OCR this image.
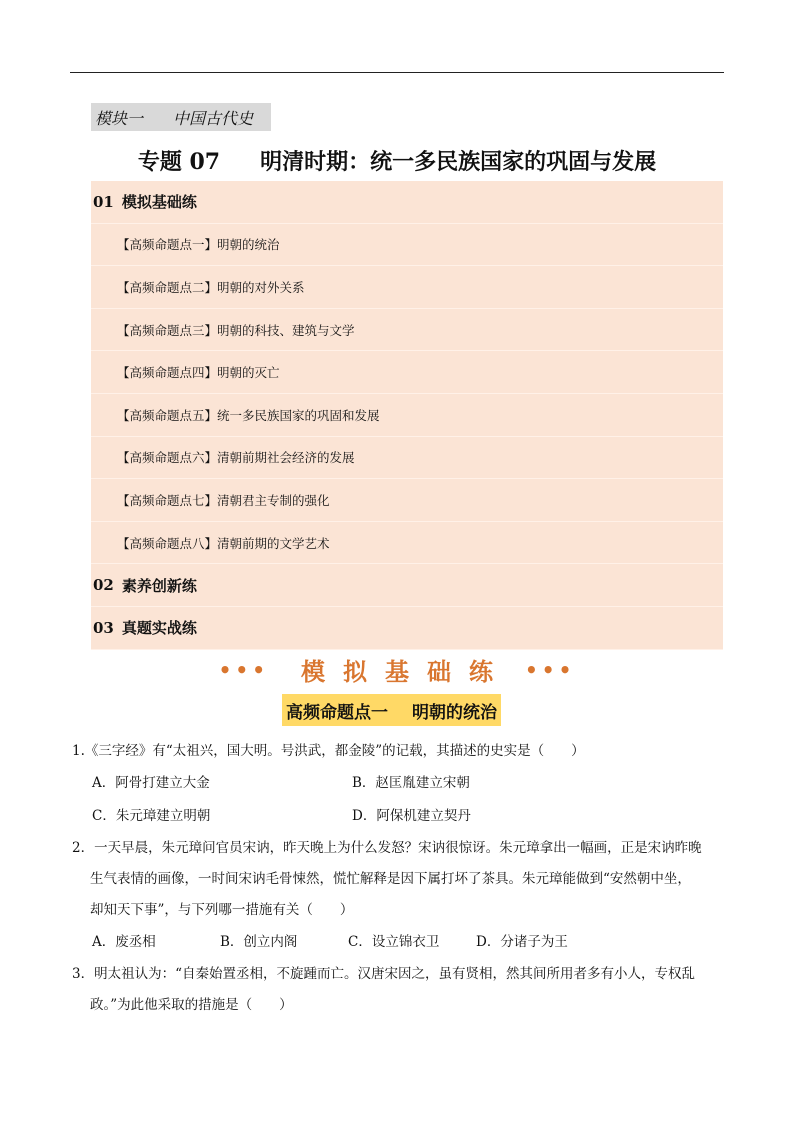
模块一 中国古代史
专题 07 明清时期：统一多民族国家的巩固与发展
01 模拟基础练
【高频命题点一】 明朝的统治
【高频命题点二】 明朝的对外关系
【高频命题点三】 明朝的科技、建筑与文学
【高频命题点四】 明朝的灭亡
【高频命题点五】 统一多民族国家的巩固和发展
【高频命题点六】 清朝前期社会经济的发展
【高频命题点七】 清朝君主专制的强化
【高频命题点八】 清朝前期的文学艺术
02 素养创新练
03 真题实战练
••• 模拟基础练 •••
高频命题点一 明朝的统治
1.《三字经》有“太祖兴，国大明。号洪武，都金陵”的记载，其描述的史实是（　　）
A．阿骨打建立大金	B．赵匡胤建立宋朝
C．朱元璋建立明朝	D．阿保机建立契丹
2．一天早晨，朱元璋问官员宋讷，昨天晚上为什么发怒？宋讷很惊讶。朱元璋拿出一幅画，正是宋讷昨晚
生气表情的画像，一时间宋讷毛骨悚然，慌忙解释是因下属打坏了茶具。朱元璋能做到“安然朝中坐，
却知天下事”，与下列哪一措施有关（　　）
A．废丞相	B．创立内阁	C．设立锦衣卫	D．分诸子为王
3．明太祖认为：“自秦始置丞相，不旋踵而亡。汉唐宋因之，虽有贤相，然其间所用者多有小人，专权乱
政。”为此他采取的措施是（　　）
